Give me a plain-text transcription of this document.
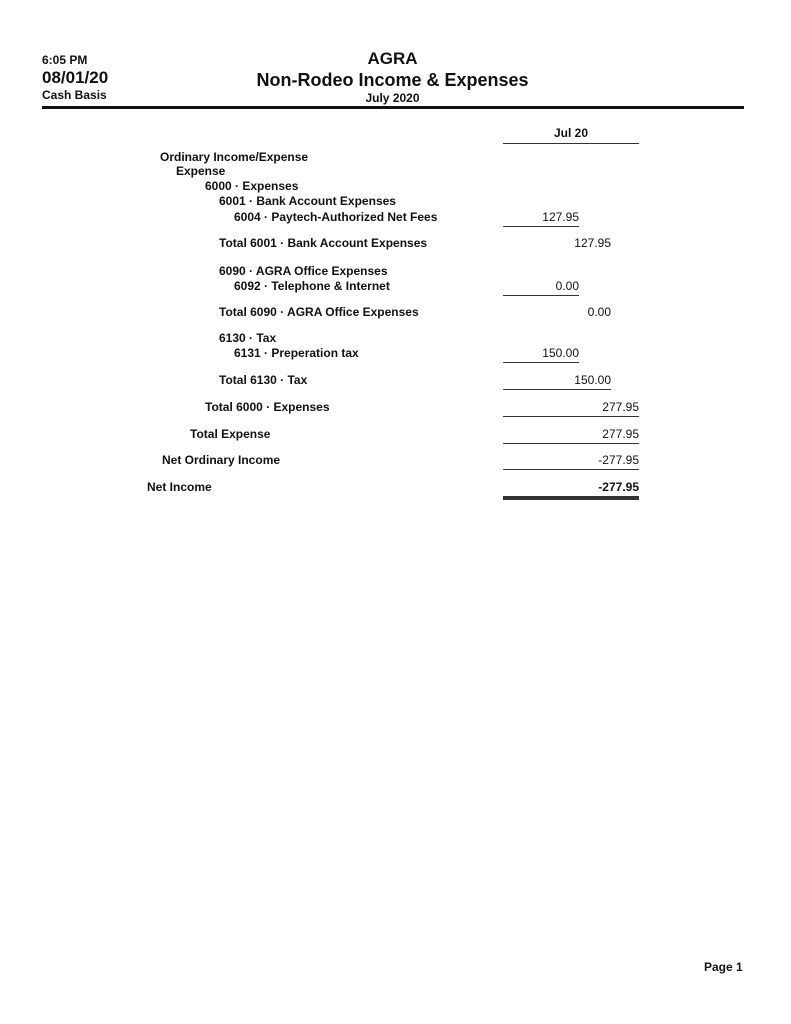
6:05 PM
08/01/20
Cash Basis
AGRA
Non-Rodeo Income & Expenses
July 2020
Jul 20
Ordinary Income/Expense
Expense
6000 · Expenses
6001 · Bank Account Expenses
6004 · Paytech-Authorized Net Fees	127.95
Total 6001 · Bank Account Expenses	127.95
6090 · AGRA Office Expenses
6092 · Telephone & Internet	0.00
Total 6090 · AGRA Office Expenses	0.00
6130 · Tax
6131 · Preperation tax	150.00
Total 6130 · Tax	150.00
Total 6000 · Expenses	277.95
Total Expense	277.95
Net Ordinary Income	-277.95
Net Income	-277.95
Page 1
